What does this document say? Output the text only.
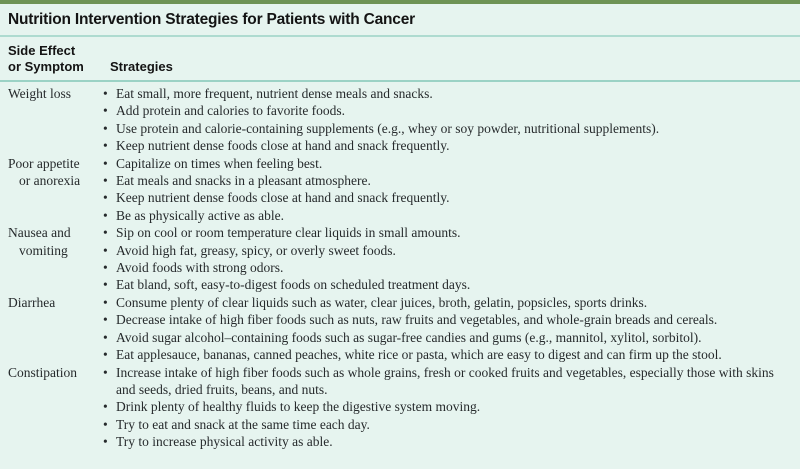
Nutrition Intervention Strategies for Patients with Cancer
Side Effect
or Symptom	Strategies
Weight loss	• Eat small, more frequent, nutrient dense meals and snacks.
• Add protein and calories to favorite foods.
• Use protein and calorie-containing supplements (e.g., whey or soy powder, nutritional supplements).
• Keep nutrient dense foods close at hand and snack frequently.
Poor appetite
or anorexia
• Capitalize on times when feeling best.
• Eat meals and snacks in a pleasant atmosphere.
• Keep nutrient dense foods close at hand and snack frequently.
• Be as physically active as able.
Nausea and
vomiting
• Sip on cool or room temperature clear liquids in small amounts.
• Avoid high fat, greasy, spicy, or overly sweet foods.
• Avoid foods with strong odors.
• Eat bland, soft, easy-to-digest foods on scheduled treatment days.
Diarrhea	• Consume plenty of clear liquids such as water, clear juices, broth, gelatin, popsicles, sports drinks.
• Decrease intake of high fiber foods such as nuts, raw fruits and vegetables, and whole-grain breads and cereals.
• Avoid sugar alcohol–containing foods such as sugar-free candies and gums (e.g., mannitol, xylitol, sorbitol).
• Eat applesauce, bananas, canned peaches, white rice or pasta, which are easy to digest and can firm up the stool.
Constipation	• Increase intake of high fiber foods such as whole grains, fresh or cooked fruits and vegetables, especially those with skins and seeds, dried fruits, beans, and nuts.
• Drink plenty of healthy fluids to keep the digestive system moving.
• Try to eat and snack at the same time each day.
• Try to increase physical activity as able.
